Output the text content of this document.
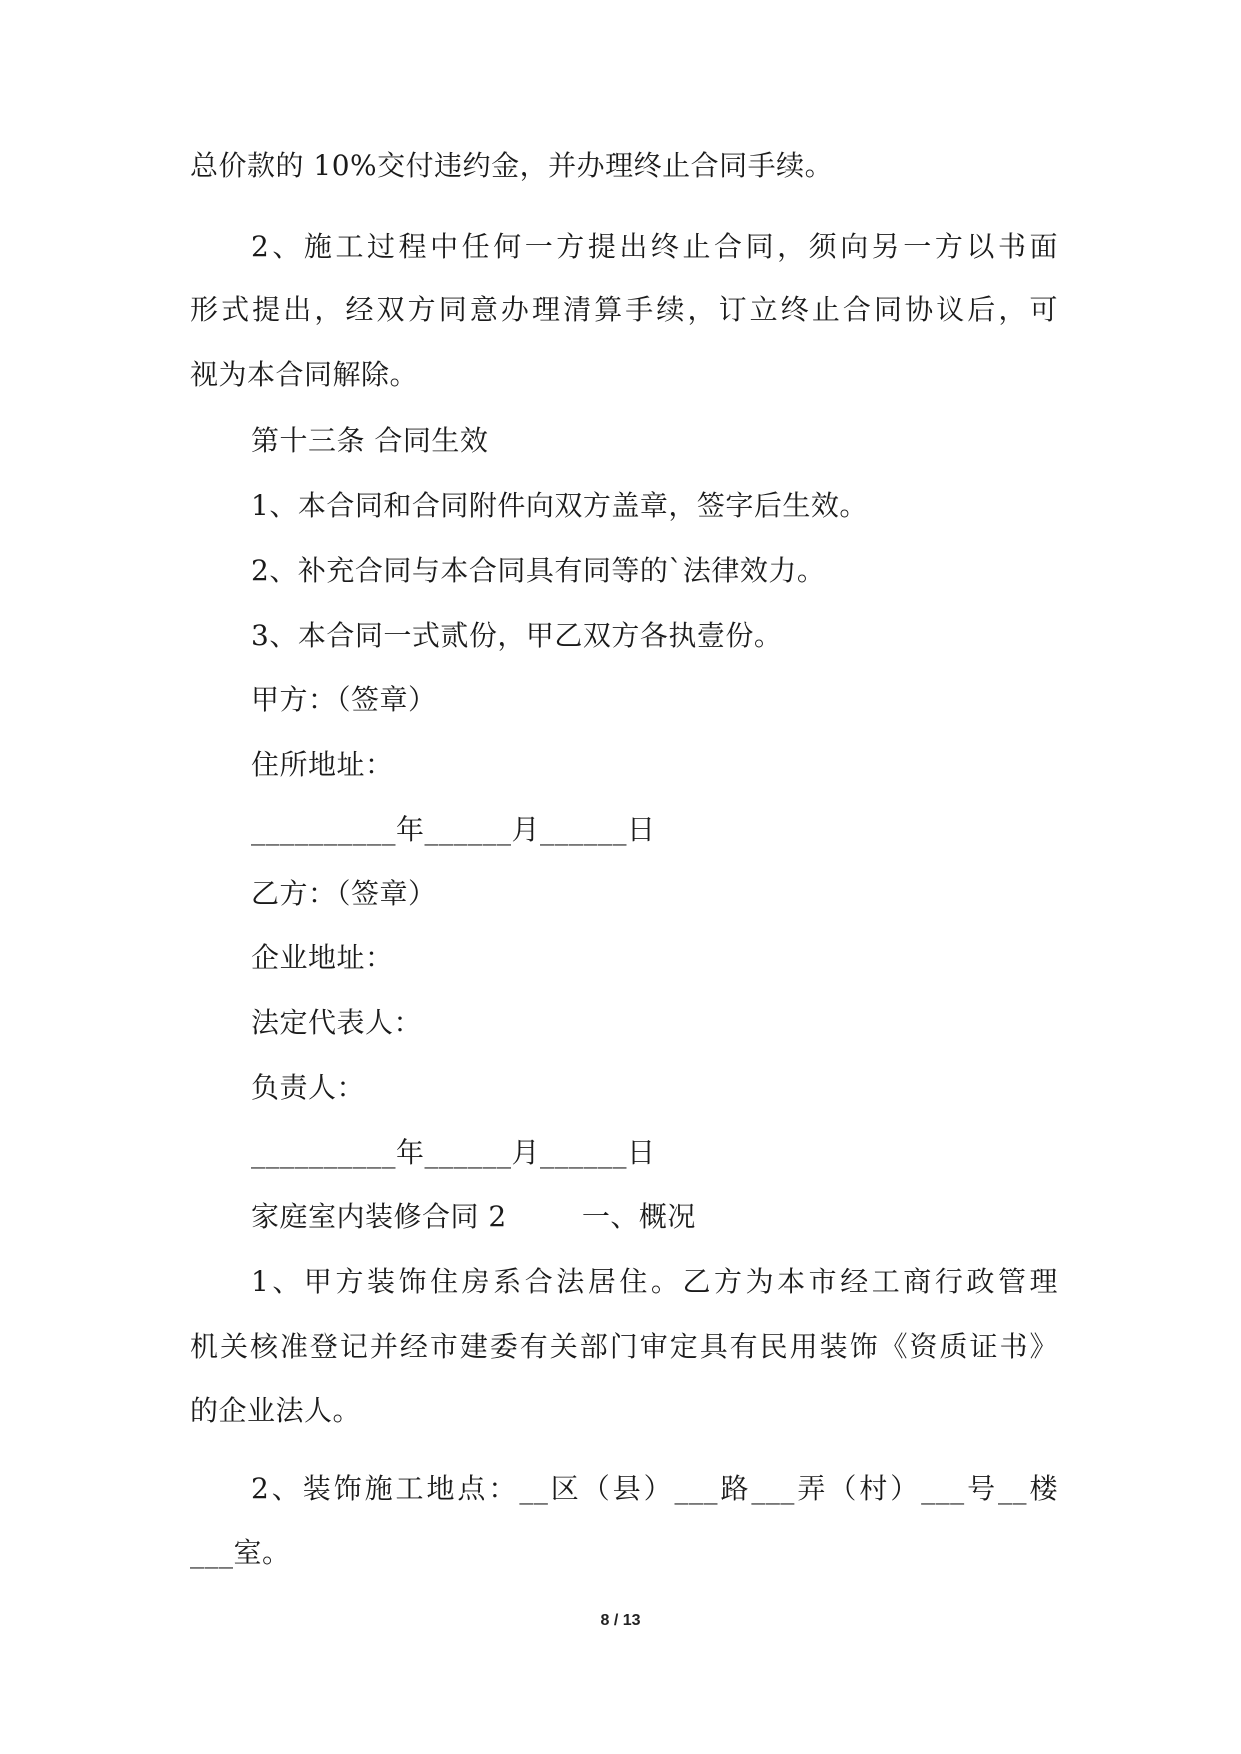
总价款的 10%交付违约金，并办理终止合同手续。
2、施工过程中任何一方提出终止合同，须向另一方以书面
形式提出，经双方同意办理清算手续，订立终止合同协议后，可
视为本合同解除。
第十三条 合同生效
1、本合同和合同附件向双方盖章，签字后生效。
2、补充合同与本合同具有同等的`法律效力。
3、本合同一式贰份，甲乙双方各执壹份。
甲方：（签章）
住所地址：
__________年______月______日
乙方：（签章）
企业地址：
法定代表人：
负责人：
__________年______月______日
家庭室内装修合同 2        一、概况
1、甲方装饰住房系合法居住。乙方为本市经工商行政管理
机关核准登记并经市建委有关部门审定具有民用装饰《资质证书》
的企业法人。
2、装饰施工地点：__区（县）___路___弄（村）___号__楼
___室。
8 / 13
